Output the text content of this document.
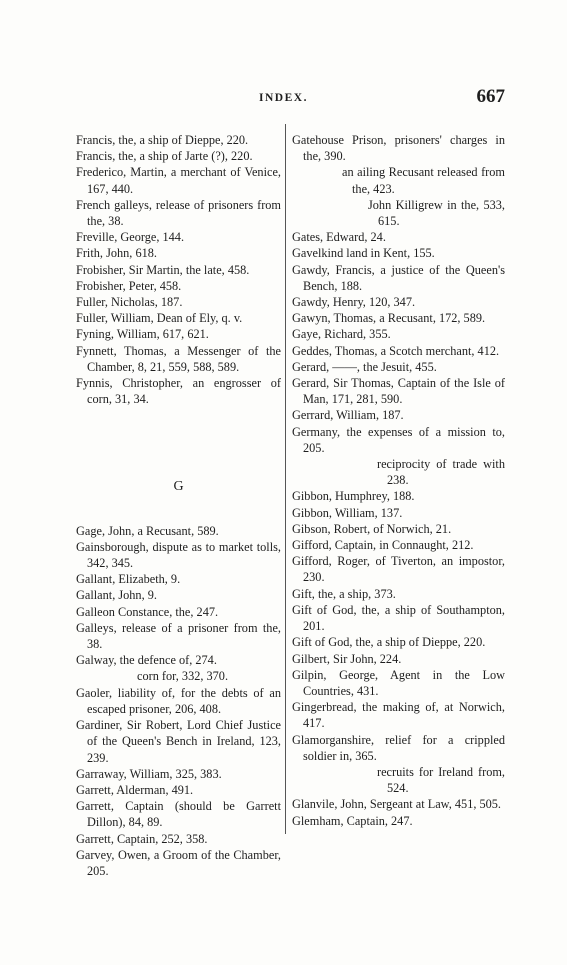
INDEX.	667
Francis, the, a ship of Dieppe, 220.
Francis, the, a ship of Jarte (?), 220.
Frederico, Martin, a merchant of Venice, 167, 440.
French galleys, release of prisoners from the, 38.
Freville, George, 144.
Frith, John, 618.
Frobisher, Sir Martin, the late, 458.
Frobisher, Peter, 458.
Fuller, Nicholas, 187.
Fuller, William, Dean of Ely, q. v.
Fyning, William, 617, 621.
Fynnett, Thomas, a Messenger of the Chamber, 8, 21, 559, 588, 589.
Fynnis, Christopher, an engrosser of corn, 31, 34.
G
Gage, John, a Recusant, 589.
Gainsborough, dispute as to market tolls, 342, 345.
Gallant, Elizabeth, 9.
Gallant, John, 9.
Galleon Constance, the, 247.
Galleys, release of a prisoner from the, 38.
Galway, the defence of, 274.
corn for, 332, 370.
Gaoler, liability of, for the debts of an escaped prisoner, 206, 408.
Gardiner, Sir Robert, Lord Chief Justice of the Queen's Bench in Ireland, 123, 239.
Garraway, William, 325, 383.
Garrett, Alderman, 491.
Garrett, Captain (should be Garrett Dillon), 84, 89.
Garrett, Captain, 252, 358.
Garvey, Owen, a Groom of the Chamber, 205.
Gatehouse Prison, prisoners' charges in the, 390.
an ailing Recusant released from the, 423.
John Killigrew in the, 533, 615.
Gates, Edward, 24.
Gavelkind land in Kent, 155.
Gawdy, Francis, a justice of the Queen's Bench, 188.
Gawdy, Henry, 120, 347.
Gawyn, Thomas, a Recusant, 172, 589.
Gaye, Richard, 355.
Geddes, Thomas, a Scotch merchant, 412.
Gerard, ——, the Jesuit, 455.
Gerard, Sir Thomas, Captain of the Isle of Man, 171, 281, 590.
Gerrard, William, 187.
Germany, the expenses of a mission to, 205.
reciprocity of trade with 238.
Gibbon, Humphrey, 188.
Gibbon, William, 137.
Gibson, Robert, of Norwich, 21.
Gifford, Captain, in Connaught, 212.
Gifford, Roger, of Tiverton, an impostor, 230.
Gift, the, a ship, 373.
Gift of God, the, a ship of Southampton, 201.
Gift of God, the, a ship of Dieppe, 220.
Gilbert, Sir John, 224.
Gilpin, George, Agent in the Low Countries, 431.
Gingerbread, the making of, at Norwich, 417.
Glamorganshire, relief for a crippled soldier in, 365.
recruits for Ireland from, 524.
Glanvile, John, Sergeant at Law, 451, 505.
Glemham, Captain, 247.
